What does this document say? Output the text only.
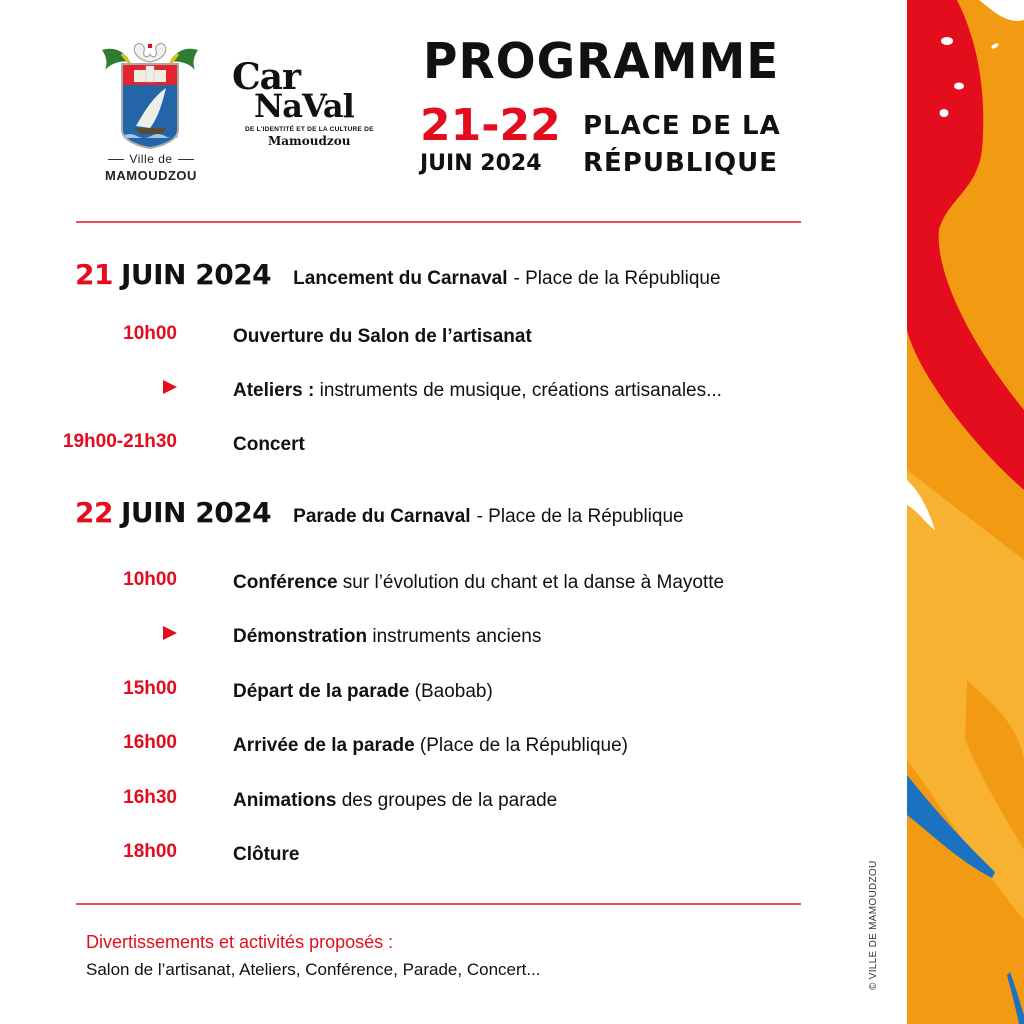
Ville de
MAMOUDZOU
Car
NaVal
DE L'IDENTITÉ ET DE LA CULTURE DE
Mamoudzou
PROGRAMME
21-22
JUIN 2024
PLACE DE LA
RÉPUBLIQUE
21 JUIN 2024 Lancement du Carnaval - Place de la République
10h00	Ouverture du Salon de l’artisanat
Ateliers : instruments de musique, créations artisanales...
19h00-21h30	Concert
22 JUIN 2024 Parade du Carnaval - Place de la République
10h00	Conférence sur l’évolution du chant et la danse à Mayotte
Démonstration instruments anciens
15h00	Départ de la parade (Baobab)
16h00	Arrivée de la parade (Place de la République)
16h30	Animations des groupes de la parade
18h00	Clôture
Divertissements et activités proposés :
Salon de l’artisanat, Ateliers, Conférence, Parade, Concert...	© VILLE DE MAMOUDZOU
